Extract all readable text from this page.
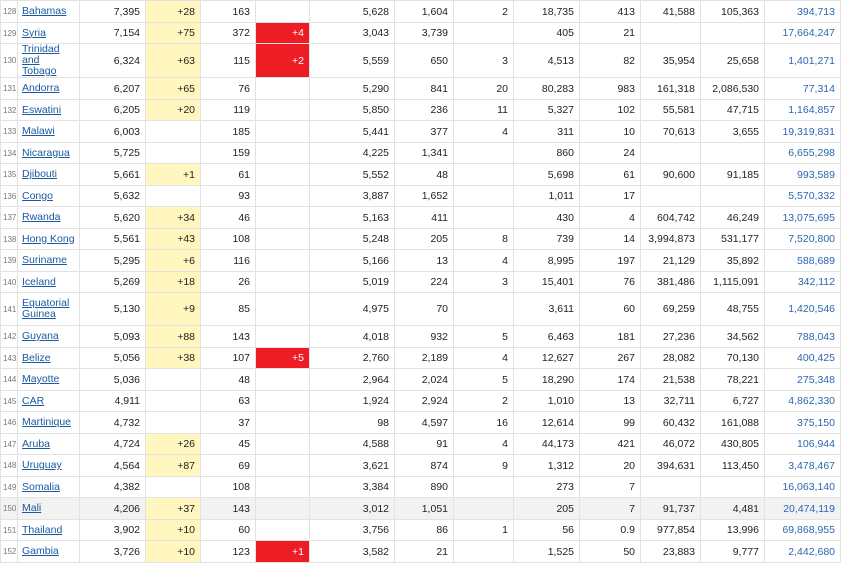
128	Bahamas	7,395	+28	163		5,628	1,604	2	18,735	413	41,588	105,363	394,713
129	Syria	7,154	+75	372	+4	3,043	3,739		405	21			17,664,247
130	Trinidad and Tobago	6,324	+63	115	+2	5,559	650	3	4,513	82	35,954	25,658	1,401,271
131	Andorra	6,207	+65	76		5,290	841	20	80,283	983	161,318	2,086,530	77,314
132	Eswatini	6,205	+20	119		5,850	236	11	5,327	102	55,581	47,715	1,164,857
133	Malawi	6,003		185		5,441	377	4	311	10	70,613	3,655	19,319,831
134	Nicaragua	5,725		159		4,225	1,341		860	24			6,655,298
135	Djibouti	5,661	+1	61		5,552	48		5,698	61	90,600	91,185	993,589
136	Congo	5,632		93		3,887	1,652		1,011	17			5,570,332
137	Rwanda	5,620	+34	46		5,163	411		430	4	604,742	46,249	13,075,695
138	Hong Kong	5,561	+43	108		5,248	205	8	739	14	3,994,873	531,177	7,520,800
139	Suriname	5,295	+6	116		5,166	13	4	8,995	197	21,129	35,892	588,689
140	Iceland	5,269	+18	26		5,019	224	3	15,401	76	381,486	1,115,091	342,112
141	Equatorial Guinea	5,130	+9	85		4,975	70		3,611	60	69,259	48,755	1,420,546
142	Guyana	5,093	+88	143		4,018	932	5	6,463	181	27,236	34,562	788,043
143	Belize	5,056	+38	107	+5	2,760	2,189	4	12,627	267	28,082	70,130	400,425
144	Mayotte	5,036		48		2,964	2,024	5	18,290	174	21,538	78,221	275,348
145	CAR	4,911		63		1,924	2,924	2	1,010	13	32,711	6,727	4,862,330
146	Martinique	4,732		37		98	4,597	16	12,614	99	60,432	161,088	375,150
147	Aruba	4,724	+26	45		4,588	91	4	44,173	421	46,072	430,805	106,944
148	Uruguay	4,564	+87	69		3,621	874	9	1,312	20	394,631	113,450	3,478,467
149	Somalia	4,382		108		3,384	890		273	7			16,063,140
150	Mali	4,206	+37	143		3,012	1,051		205	7	91,737	4,481	20,474,119
151	Thailand	3,902	+10	60		3,756	86	1	56	0.9	977,854	13,996	69,868,955
152	Gambia	3,726	+10	123	+1	3,582	21		1,525	50	23,883	9,777	2,442,680
